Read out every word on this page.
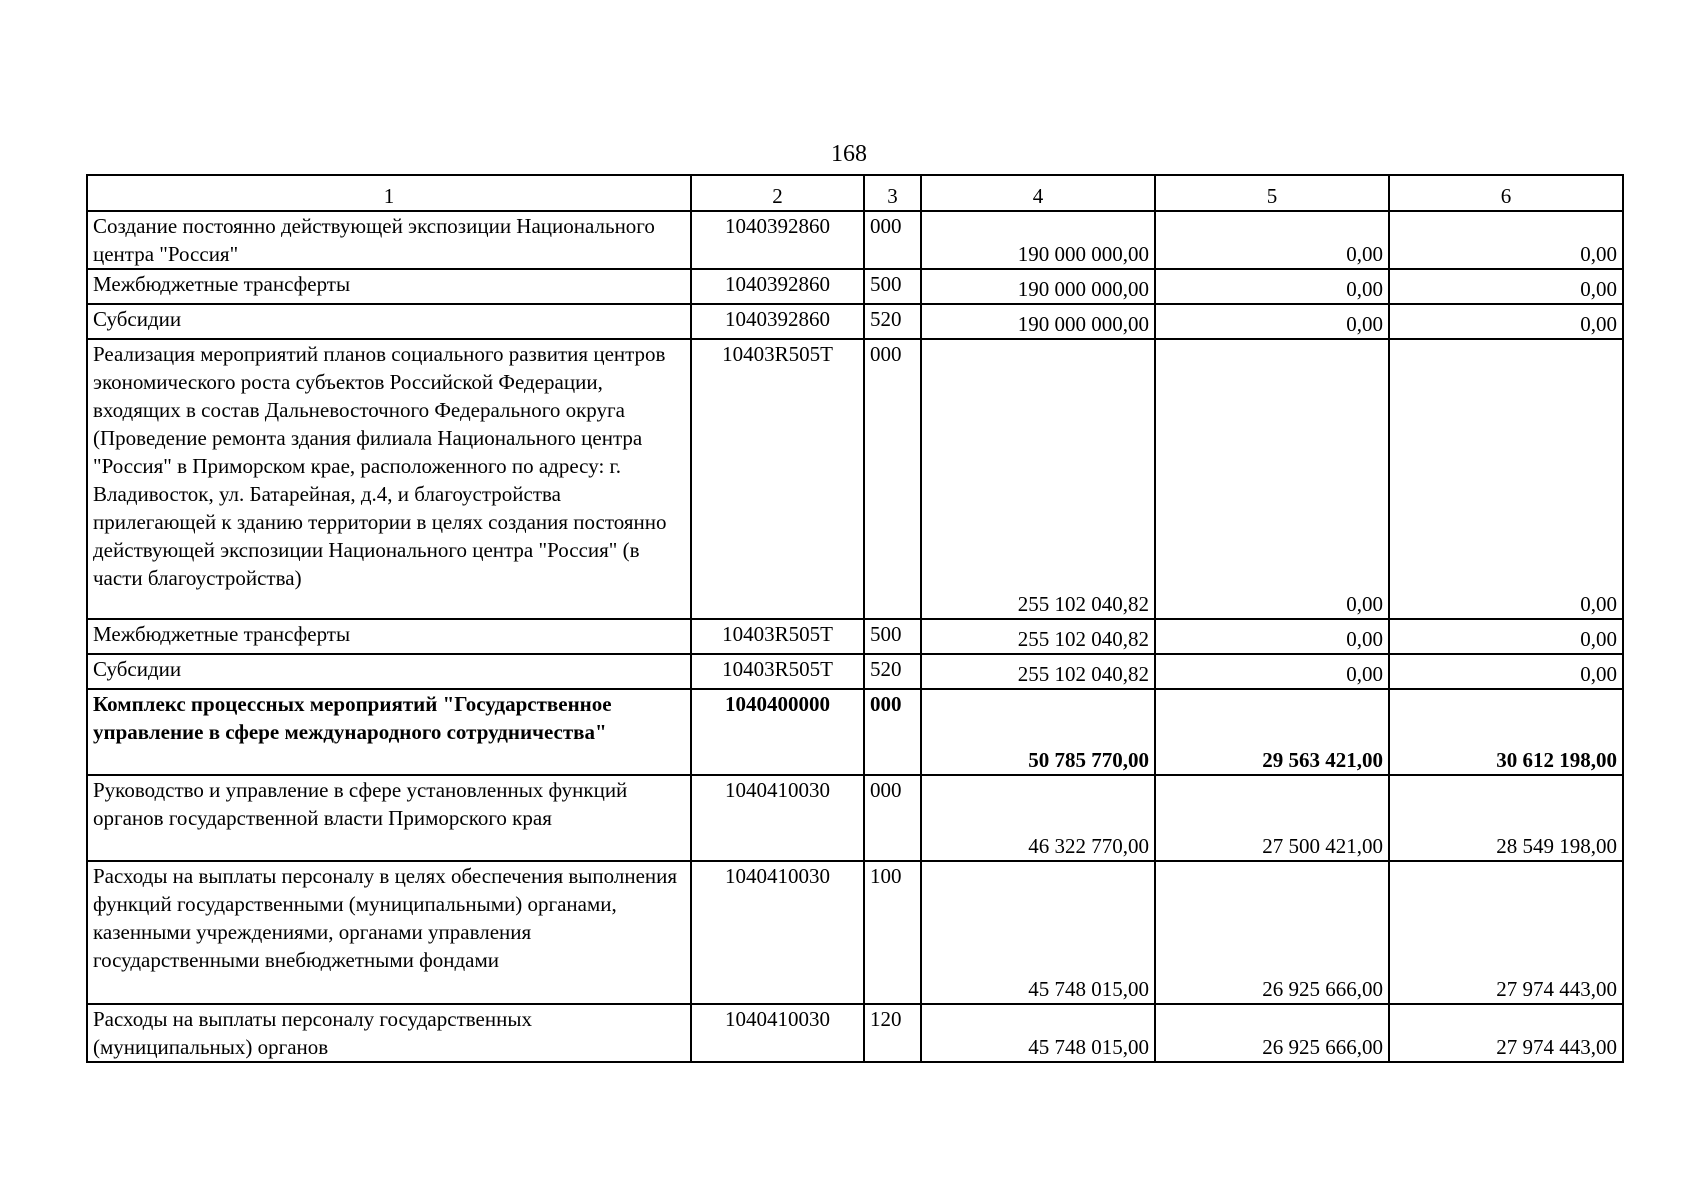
168
1	2	3	4	5	6
Создание постоянно действующей экспозиции Национального центра "Россия"	1040392860	000	190 000 000,00	0,00	0,00
Межбюджетные трансферты	1040392860	500	190 000 000,00	0,00	0,00
Субсидии	1040392860	520	190 000 000,00	0,00	0,00
Реализация мероприятий планов социального развития центров экономического роста субъектов Российской Федерации, входящих в состав Дальневосточного Федерального округа (Проведение ремонта здания филиала Национального центра "Россия" в Приморском крае, расположенного по адресу: г. Владивосток, ул. Батарейная, д.4, и благоустройства прилегающей к зданию территории в целях создания постоянно действующей экспозиции Национального центра "Россия" (в части благоустройства)	10403R505T	000	255 102 040,82	0,00	0,00
Межбюджетные трансферты	10403R505T	500	255 102 040,82	0,00	0,00
Субсидии	10403R505T	520	255 102 040,82	0,00	0,00
Комплекс процессных мероприятий "Государственное управление в сфере международного сотрудничества"	1040400000	000	50 785 770,00	29 563 421,00	30 612 198,00
Руководство и управление в сфере установленных функций органов государственной власти Приморского края	1040410030	000	46 322 770,00	27 500 421,00	28 549 198,00
Расходы на выплаты персоналу в целях обеспечения выполнения функций государственными (муниципальными) органами, казенными учреждениями, органами управления государственными внебюджетными фондами	1040410030	100	45 748 015,00	26 925 666,00	27 974 443,00
Расходы на выплаты персоналу государственных (муниципальных) органов	1040410030	120	45 748 015,00	26 925 666,00	27 974 443,00
